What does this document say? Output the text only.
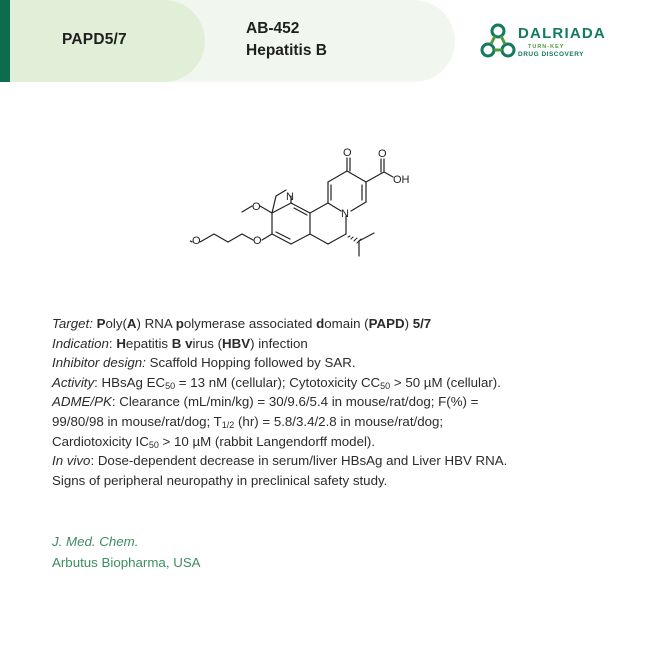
PAPD5/7
AB-452
Hepatitis B
DALRIADA
TURN-KEY
DRUG DISCOVERY
O O
OH
N
N
O
O
O
Target: Poly(A) RNA polymerase associated domain (PAPD) 5/7
Indication: Hepatitis B virus (HBV) infection
Inhibitor design: Scaffold Hopping followed by SAR.
Activity: HBsAg $EC_{50} = 13$ nM (cellular); Cytotoxicity $CC_{50} > 50$ µM (cellular).
ADME/PK: Clearance (mL/min/kg) = 30/9.6/5.4 in mouse/rat/dog; F(%) =
99/80/98 in mouse/rat/dog; $T_{1/2}$ (hr) = 5.8/3.4/2.8 in mouse/rat/dog;
Cardiotoxicity $IC_{50} > 10$ µM (rabbit Langendorff model).
In vivo: Dose-dependent decrease in serum/liver HBsAg and Liver HBV RNA.
Signs of peripheral neuropathy in preclinical safety study.
J. Med. Chem.
Arbutus Biopharma, USA
